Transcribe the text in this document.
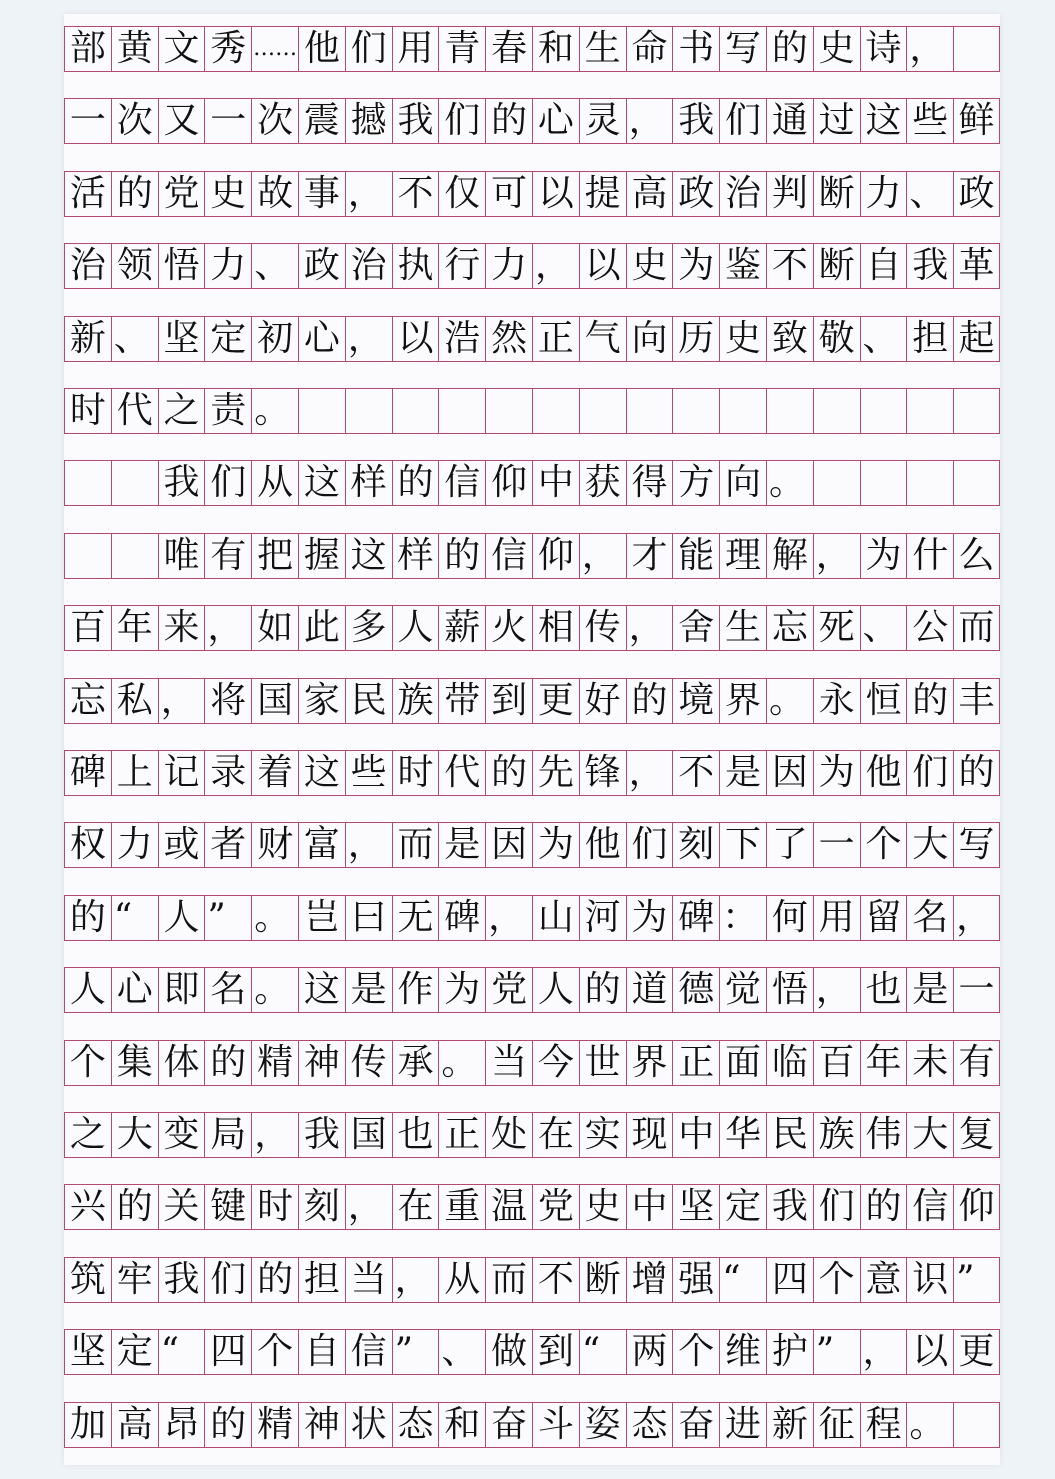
部 黄 文 秀 …… 他 们 用 青 春 和 生 命 书 写 的 史 诗 ，
一 次 又 一 次 震 撼 我 们 的 心 灵 ， 我 们 通 过 这 些 鲜
活 的 党 史 故 事 ， 不 仅 可 以 提 高 政 治 判 断 力 、 政
治 领 悟 力 、 政 治 执 行 力 ， 以 史 为 鉴 不 断 自 我 革
新 、 坚 定 初 心 ， 以 浩 然 正 气 向 历 史 致 敬 、 担 起
时 代 之 责 。
我 们 从 这 样 的 信 仰 中 获 得 方 向 。
唯 有 把 握 这 样 的 信 仰 ， 才 能 理 解 ， 为 什 么
百 年 来 ， 如 此 多 人 薪 火 相 传 ， 舍 生 忘 死 、 公 而
忘 私 ， 将 国 家 民 族 带 到 更 好 的 境 界 。 永 恒 的 丰
碑 上 记 录 着 这 些 时 代 的 先 锋 ， 不 是 因 为 他 们 的
权 力 或 者 财 富 ， 而 是 因 为 他 们 刻 下 了 一 个 大 写
的 “ 人 ” 。 岂 曰 无 碑 ， 山 河 为 碑 ： 何 用 留 名 ，
人 心 即 名 。 这 是 作 为 党 人 的 道 德 觉 悟 ， 也 是 一
个 集 体 的 精 神 传 承 。 当 今 世 界 正 面 临 百 年 未 有
之 大 变 局 ， 我 国 也 正 处 在 实 现 中 华 民 族 伟 大 复
兴 的 关 键 时 刻 ， 在 重 温 党 史 中 坚 定 我 们 的 信 仰
筑 牢 我 们 的 担 当 ， 从 而 不 断 增 强 “ 四 个 意 识 ”
坚 定 “ 四 个 自 信 ” 、 做 到 “ 两 个 维 护 ” ， 以 更
加 高 昂 的 精 神 状 态 和 奋 斗 姿 态 奋 进 新 征 程 。
